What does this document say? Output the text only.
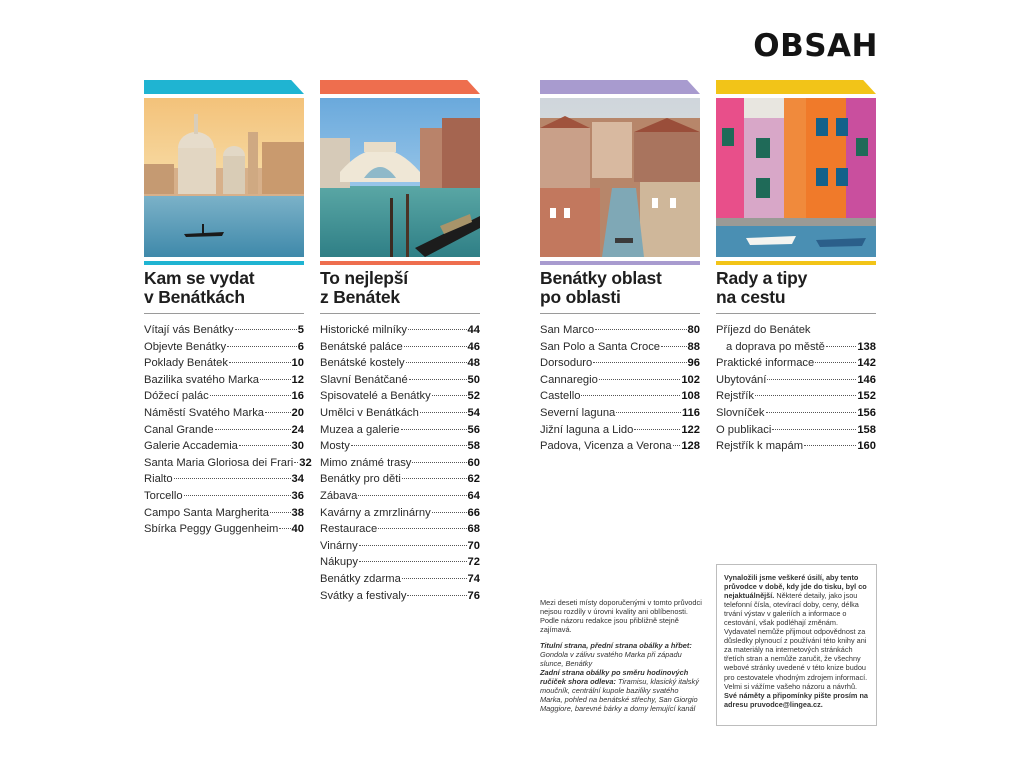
OBSAH
Kam se vydat
v Benátkách
Vítají vás Benátky	5
Objevte Benátky	6
Poklady Benátek	10
Bazilika svatého Marka	12
Dóžecí palác	16
Náměstí Svatého Marka 20
Canal Grande	24
Galerie Accademia	30
Santa Maria Gloriosa dei Frari 32
Rialto	34
Torcello	36
Campo Santa Margherita 38
Sbírka Peggy Guggenheim 40
To nejlepší
z Benátek
Historické milníky	44
Benátské paláce	46
Benátské kostely	48
Slavní Benátčané	50
Spisovatelé a Benátky	52
Umělci v Benátkách	54
Muzea a galerie	56
Mosty	58
Mimo známé trasy	60
Benátky pro děti	62
Zábava	64
Kavárny a zmrzlinárny	66
Restaurace	68
Vinárny	70
Nákupy	72
Benátky zdarma	74
Svátky a festivaly	76
Benátky oblast
po oblasti
San Marco	80
San Polo a Santa Croce 88
Dorsoduro	96
Cannaregio	102
Castello	108
Severní laguna	116
Jižní laguna a Lido	122
Padova, Vicenza a Verona 128
Rady a tipy
na cestu
Příjezd do Benátek
a doprava po městě	138
Praktické informace	142
Ubytování	146
Rejstřík	152
Slovníček	156
O publikaci	158
Rejstřík k mapám	160

Mezi deseti místy doporučenými v tomto průvodci nejsou rozdíly v úrovni kvality ani oblíbenosti. Podle názoru redakce jsou přibližně stejně zajímavá.

Titulní strana, přední strana obálky a hřbet: Gondola v zálivu svatého Marka při západu slunce, Benátky
Zadní strana obálky po směru hodinových ručiček shora odleva: Tiramisu, klasický italský moučník, centrální kupole baziliky svatého Marka, pohled na benátské střechy, San Giorgio Maggiore, barevné bárky a domy lemující kanál

Vynaložili jsme veškeré úsilí, aby tento průvodce v době, kdy jde do tisku, byl co nejaktuálnější. Některé detaily, jako jsou telefonní čísla, otevírací doby, ceny, délka trvání výstav v galeriích a informace o cestování, však podléhají změnám. Vydavatel nemůže přijmout odpovědnost za důsledky plynoucí z používání této knihy ani za materiály na internetových stránkách třetích stran a nemůže zaručit, že všechny webové stránky uvedené v této knize budou pro cestovatele vhodným zdrojem informací. Velmi si vážíme vašeho názoru a návrhů. Své náměty a připomínky pište prosím na adresu pruvodce@lingea.cz.
